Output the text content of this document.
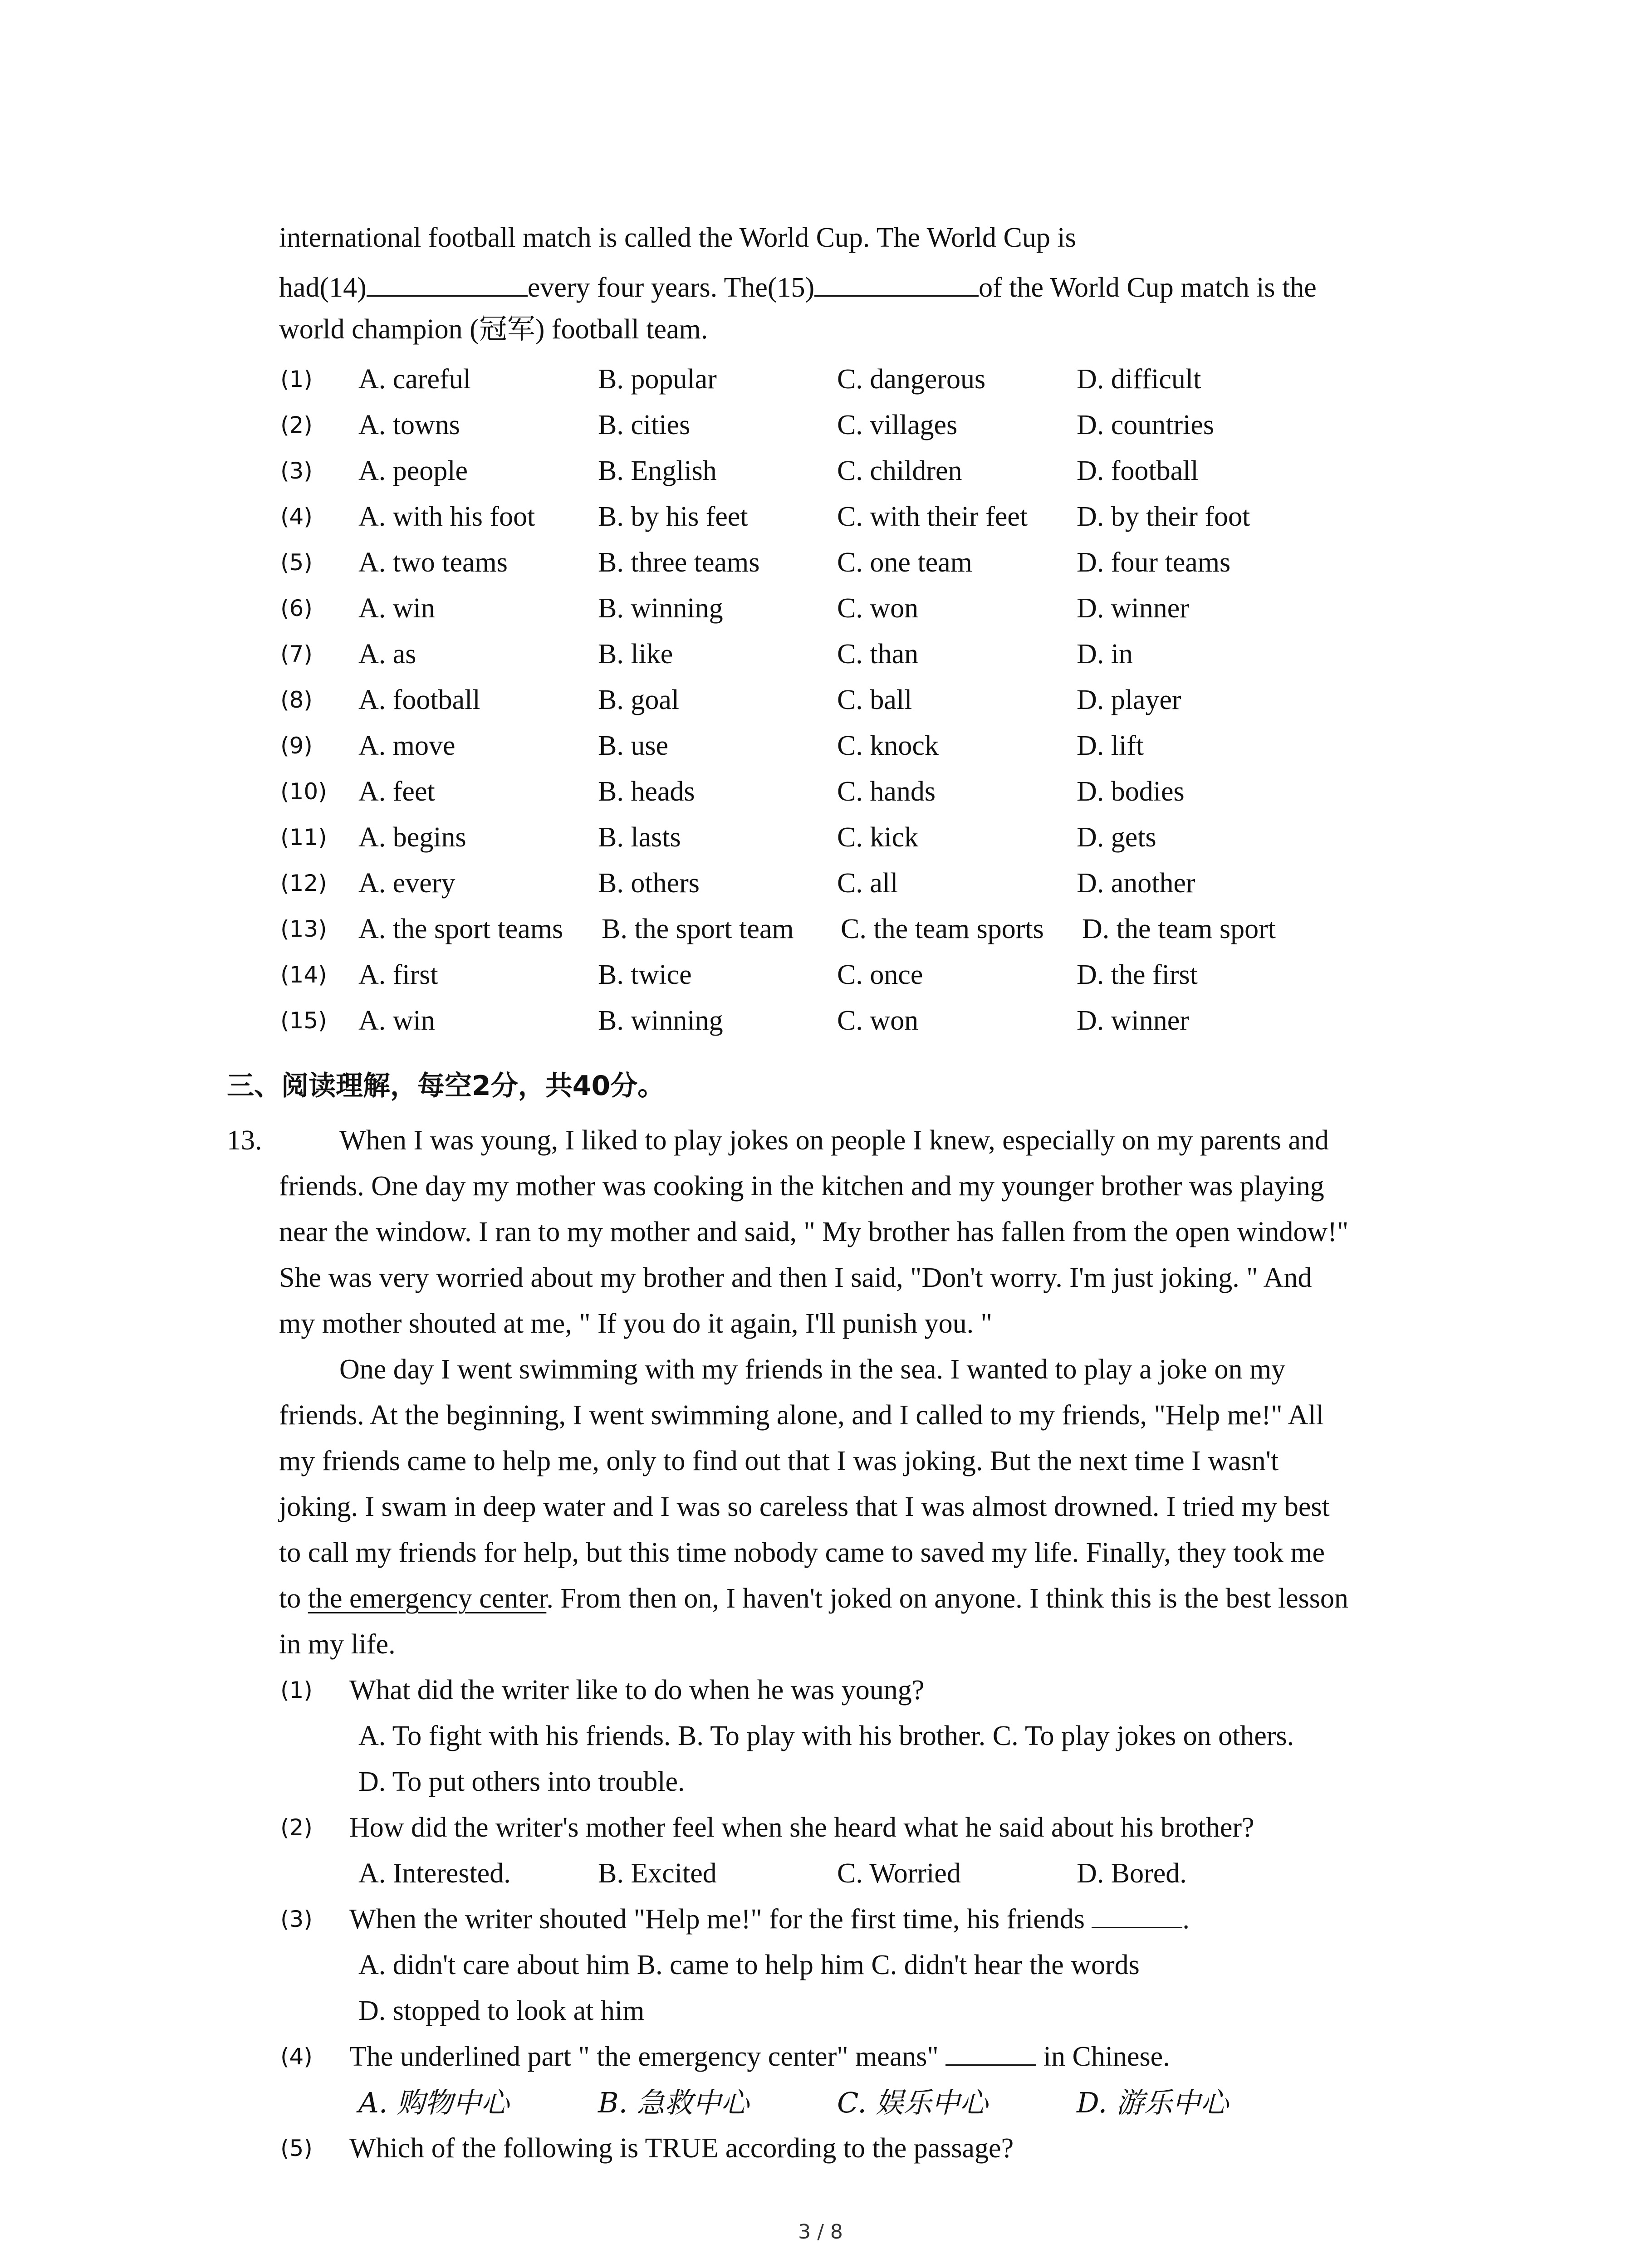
international football match is called the World Cup. The World Cup is

had(14)	every four years. The(15)	of the World Cup match is the

world champion (冠军) football team.

(1) A. careful	B. popular	C. dangerous	D. difficult
(2) A. towns	B. cities	C. villages	D. countries
(3) A. people	B. English	C. children	D. football
(4) A. with his foot B. by his feet	C. with their feet D. by their foot
(5) A. two teams	B. three teams	C. one team	D. four teams
(6) A. win	B. winning	C. won	D. winner
(7) A. as	B. like	C. than	D. in
(8) A. football	B. goal	C. ball	D. player
(9) A. move	B. use	C. knock	D. lift
(10) A. feet	B. heads	C. hands	D. bodies
(11) A. begins	B. lasts	C. kick	D. gets
(12) A. every	B. others	C. all	D. another
(13) A. the sport teams B. the sport team C. the team sports D. the team sport
(14) A. first	B. twice	C. once	D. the first
(15) A. win	B. winning	C. won	D. winner
三、阅读理解，每空2分，共40分。
13.	When I was young, I liked to play jokes on people I knew, especially on my parents and
friends. One day my mother was cooking in the kitchen and my younger brother was playing
near the window. I ran to my mother and said, " My brother has fallen from the open window!"
She was very worried about my brother and then I said, "Don't worry. I'm just joking. " And
my mother shouted at me, " If you do it again, I'll punish you. "
One day I went swimming with my friends in the sea. I wanted to play a joke on my
friends. At the beginning, I went swimming alone, and I called to my friends, "Help me!" All
my friends came to help me, only to find out that I was joking. But the next time I wasn't
joking. I swam in deep water and I was so careless that I was almost drowned. I tried my best
to call my friends for help, but this time nobody came to saved my life. Finally, they took me
to the emergency center. From then on, I haven't joked on anyone. I think this is the best lesson
in my life.
(1) What did the writer like to do when he was young?
A. To fight with his friends. B. To play with his brother. C. To play jokes on others.
D. To put others into trouble.
(2) How did the writer's mother feel when she heard what he said about his brother?
A. Interested.	B. Excited	C. Worried	D. Bored.
(3) When the writer shouted "Help me!" for the first time, his friends	.
A. didn't care about him B. came to help him C. didn't hear the words
D. stopped to look at him
(4) The underlined part " the emergency center" means"	in Chinese.
A. 购物中心	B. 急救中心	C. 娱乐中心	D. 游乐中心
(5) Which of the following is TRUE according to the passage?
3 / 8
